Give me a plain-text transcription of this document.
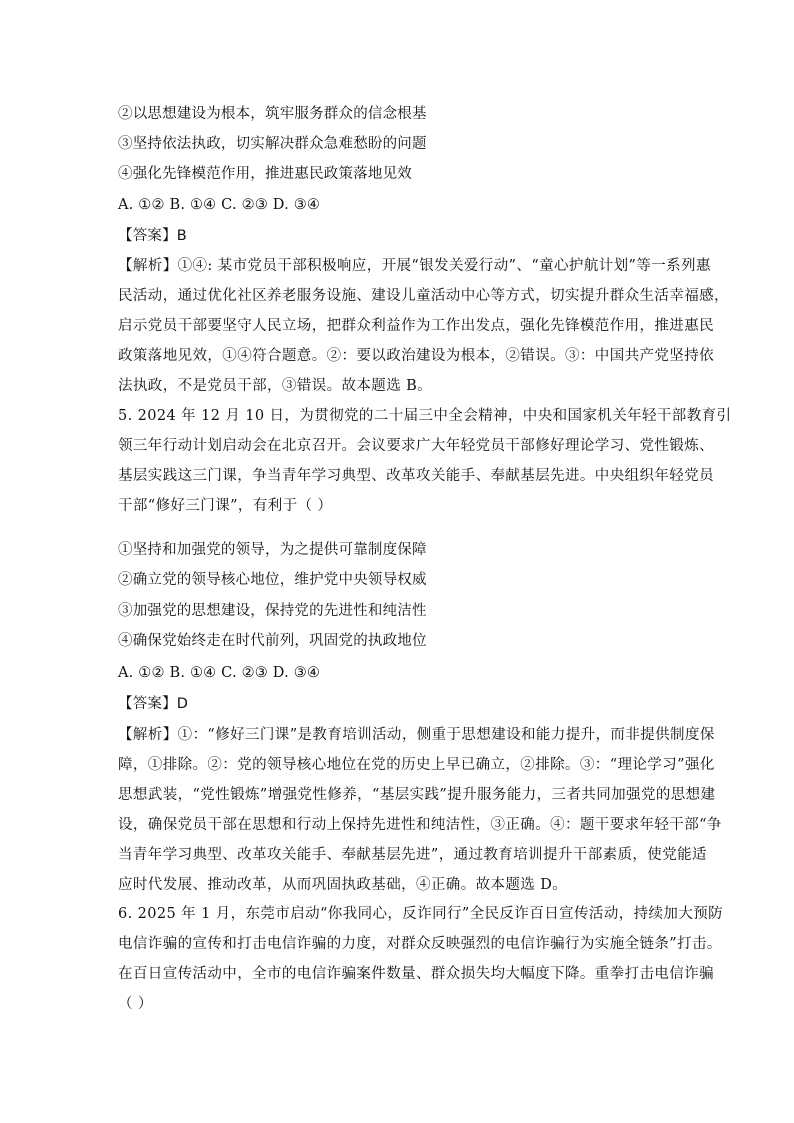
②以思想建设为根本，筑牢服务群众的信念根基
③坚持依法执政，切实解决群众急难愁盼的问题
④强化先锋模范作用，推进惠民政策落地见效
A. ①② B. ①④ C. ②③ D. ③④
【答案】B
【解析】①④: 某市党员干部积极响应，开展“银发关爱行动”、“童心护航计划”等一系列惠
民活动，通过优化社区养老服务设施、建设儿童活动中心等方式，切实提升群众生活幸福感，
启示党员干部要坚守人民立场，把群众利益作为工作出发点，强化先锋模范作用，推进惠民
政策落地见效，①④符合题意。②：要以政治建设为根本，②错误。③：中国共产党坚持依
法执政，不是党员干部，③错误。故本题选 B。
5. 2024 年 12 月 10 日，为贯彻党的二十届三中全会精神，中央和国家机关年轻干部教育引
领三年行动计划启动会在北京召开。会议要求广大年轻党员干部修好理论学习、党性锻炼、
基层实践这三门课，争当青年学习典型、改革攻关能手、奉献基层先进。中央组织年轻党员
干部“修好三门课”，有利于（ ）
①坚持和加强党的领导，为之提供可靠制度保障
②确立党的领导核心地位，维护党中央领导权威
③加强党的思想建设，保持党的先进性和纯洁性
④确保党始终走在时代前列，巩固党的执政地位
A. ①② B. ①④ C. ②③ D. ③④
【答案】D
【解析】①：“修好三门课”是教育培训活动，侧重于思想建设和能力提升，而非提供制度保
障，①排除。②：党的领导核心地位在党的历史上早已确立，②排除。③：“理论学习”强化
思想武装，“党性锻炼”增强党性修养，“基层实践”提升服务能力，三者共同加强党的思想建
设，确保党员干部在思想和行动上保持先进性和纯洁性，③正确。④：题干要求年轻干部“争
当青年学习典型、改革攻关能手、奉献基层先进”，通过教育培训提升干部素质，使党能适
应时代发展、推动改革，从而巩固执政基础，④正确。故本题选 D。
6. 2025 年 1 月，东莞市启动“你我同心，反诈同行”全民反诈百日宣传活动，持续加大预防
电信诈骗的宣传和打击电信诈骗的力度，对群众反映强烈的电信诈骗行为实施全链条”打击。
在百日宣传活动中，全市的电信诈骗案件数量、群众损失均大幅度下降。重拳打击电信诈骗
（ ）
